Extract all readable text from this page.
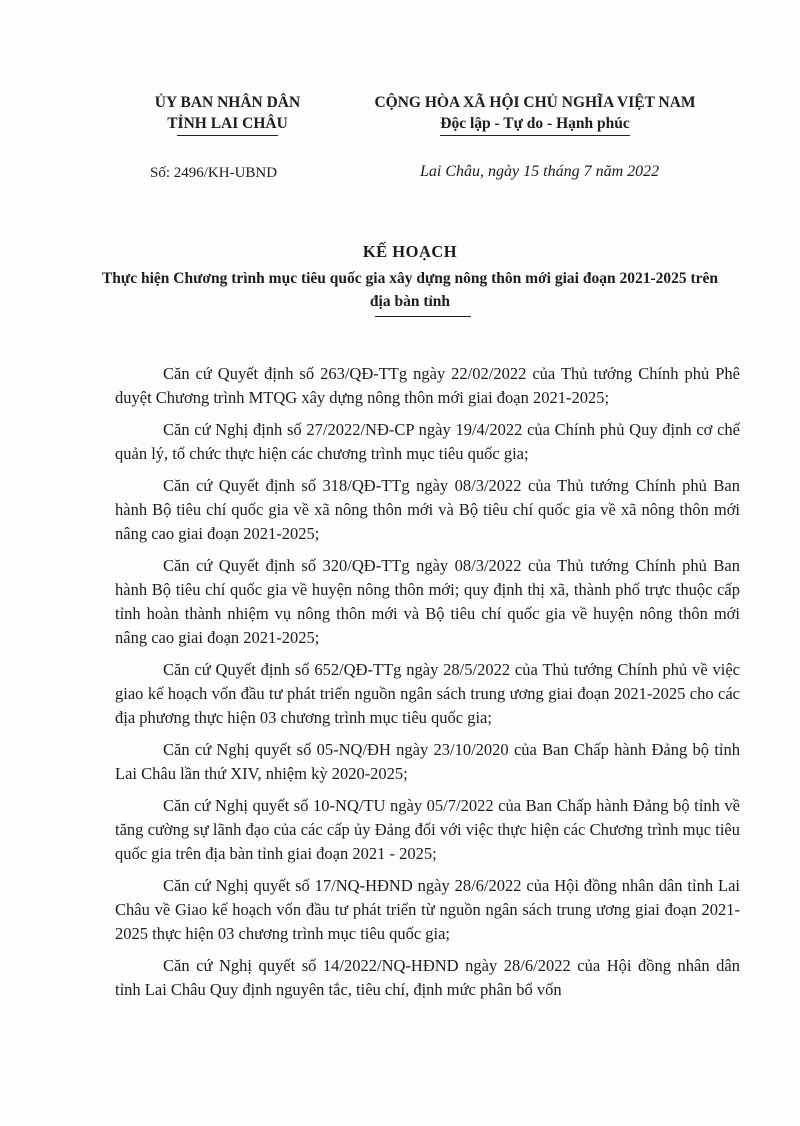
ỦY BAN NHÂN DÂN
TỈNH LAI CHÂU
CỘNG HÒA XÃ HỘI CHỦ NGHĨA VIỆT NAM
Độc lập - Tự do - Hạnh phúc
Số: 2496/KH-UBND	Lai Châu, ngày 15 tháng 7 năm 2022
KẾ HOẠCH
Thực hiện Chương trình mục tiêu quốc gia xây dựng nông thôn mới giai đoạn 2021-2025 trên địa bàn tỉnh

Căn cứ Quyết định số 263/QĐ-TTg ngày 22/02/2022 của Thủ tướng Chính phủ Phê duyệt Chương trình MTQG xây dựng nông thôn mới giai đoạn 2021-2025;

Căn cứ Nghị định số 27/2022/NĐ-CP ngày 19/4/2022 của Chính phủ Quy định cơ chế quản lý, tổ chức thực hiện các chương trình mục tiêu quốc gia;

Căn cứ Quyết định số 318/QĐ-TTg ngày 08/3/2022 của Thủ tướng Chính phủ Ban hành Bộ tiêu chí quốc gia về xã nông thôn mới và Bộ tiêu chí quốc gia về xã nông thôn mới nâng cao giai đoạn 2021-2025;

Căn cứ Quyết định số 320/QĐ-TTg ngày 08/3/2022 của Thủ tướng Chính phủ Ban hành Bộ tiêu chí quốc gia về huyện nông thôn mới; quy định thị xã, thành phố trực thuộc cấp tỉnh hoàn thành nhiệm vụ nông thôn mới và Bộ tiêu chí quốc gia về huyện nông thôn mới nâng cao giai đoạn 2021-2025;

Căn cứ Quyết định số 652/QĐ-TTg ngày 28/5/2022 của Thủ tướng Chính phủ về việc giao kế hoạch vốn đầu tư phát triển nguồn ngân sách trung ương giai đoạn 2021-2025 cho các địa phương thực hiện 03 chương trình mục tiêu quốc gia;

Căn cứ Nghị quyết số 05-NQ/ĐH ngày 23/10/2020 của Ban Chấp hành Đảng bộ tỉnh Lai Châu lần thứ XIV, nhiệm kỳ 2020-2025;

Căn cứ Nghị quyết số 10-NQ/TU ngày 05/7/2022 của Ban Chấp hành Đảng bộ tỉnh về tăng cường sự lãnh đạo của các cấp ủy Đảng đối với việc thực hiện các Chương trình mục tiêu quốc gia trên địa bàn tỉnh giai đoạn 2021 - 2025;

Căn cứ Nghị quyết số 17/NQ-HĐND ngày 28/6/2022 của Hội đồng nhân dân tỉnh Lai Châu về Giao kế hoạch vốn đầu tư phát triển từ nguồn ngân sách trung ương giai đoạn 2021-2025 thực hiện 03 chương trình mục tiêu quốc gia;

Căn cứ Nghị quyết số 14/2022/NQ-HĐND ngày 28/6/2022 của Hội đồng nhân dân tỉnh Lai Châu Quy định nguyên tắc, tiêu chí, định mức phân bổ vốn
